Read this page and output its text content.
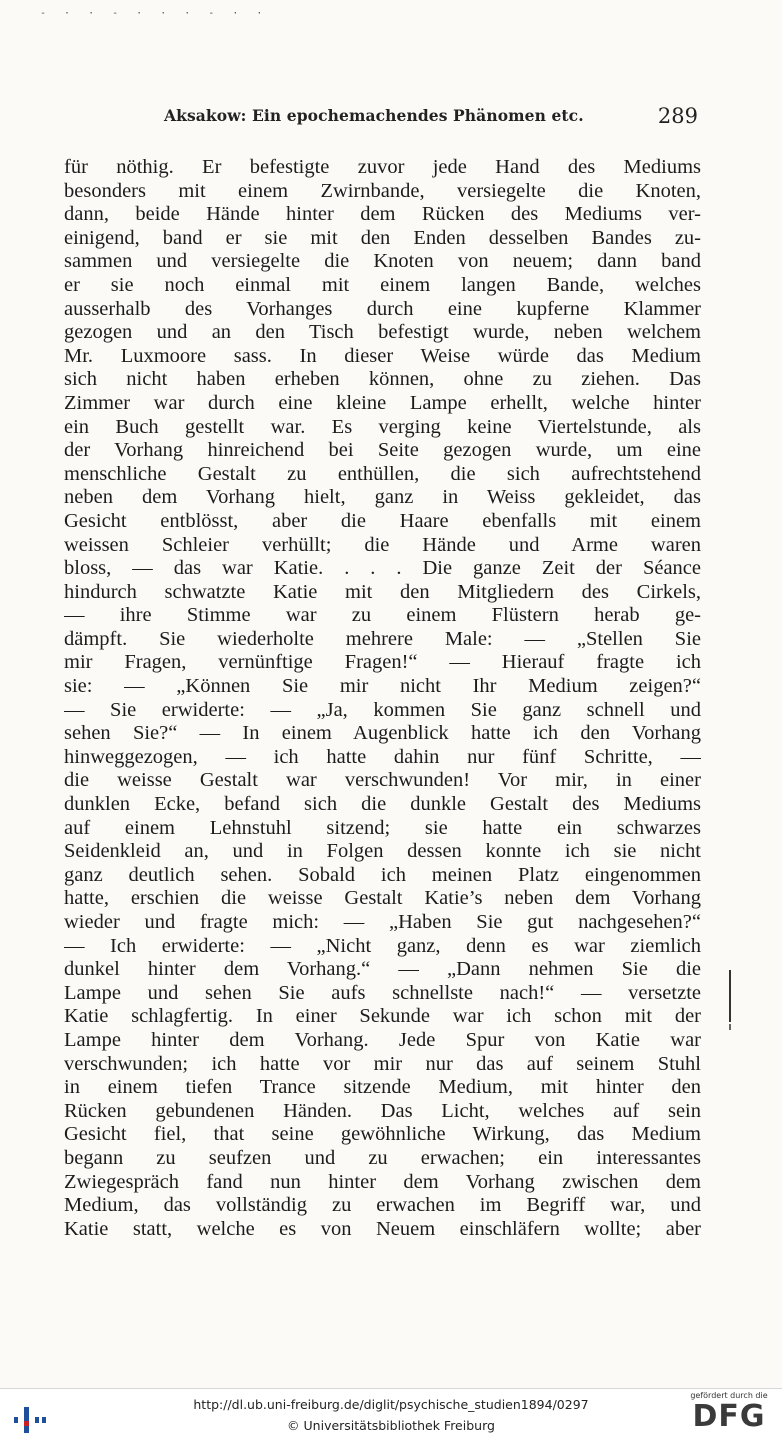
- · · - · · · - · ·
Aksakow: Ein epochemachendes Phänomen etc.	289
für nöthig. Er befestigte zuvor jede Hand des Mediums
besonders mit einem Zwirnbande, versiegelte die Knoten,
dann, beide Hände hinter dem Rücken des Mediums ver-
einigend, band er sie mit den Enden desselben Bandes zu-
sammen und versiegelte die Knoten von neuem; dann band
er sie noch einmal mit einem langen Bande, welches
ausserhalb des Vorhanges durch eine kupferne Klammer
gezogen und an den Tisch befestigt wurde, neben welchem
Mr. Luxmoore sass. In dieser Weise würde das Medium
sich nicht haben erheben können, ohne zu ziehen. Das
Zimmer war durch eine kleine Lampe erhellt, welche hinter
ein Buch gestellt war. Es verging keine Viertelstunde, als
der Vorhang hinreichend bei Seite gezogen wurde, um eine
menschliche Gestalt zu enthüllen, die sich aufrechtstehend
neben dem Vorhang hielt, ganz in Weiss gekleidet, das
Gesicht entblösst, aber die Haare ebenfalls mit einem
weissen Schleier verhüllt; die Hände und Arme waren
bloss, — das war Katie. . . . Die ganze Zeit der Séance
hindurch schwatzte Katie mit den Mitgliedern des Cirkels,
— ihre Stimme war zu einem Flüstern herab ge-
dämpft. Sie wiederholte mehrere Male: — „Stellen Sie
mir Fragen, vernünftige Fragen!“ — Hierauf fragte ich
sie: — „Können Sie mir nicht Ihr Medium zeigen?“
— Sie erwiderte: — „Ja, kommen Sie ganz schnell und
sehen Sie?“ — In einem Augenblick hatte ich den Vorhang
hinweggezogen, — ich hatte dahin nur fünf Schritte, —
die weisse Gestalt war verschwunden! Vor mir, in einer
dunklen Ecke, befand sich die dunkle Gestalt des Mediums
auf einem Lehnstuhl sitzend; sie hatte ein schwarzes
Seidenkleid an, und in Folgen dessen konnte ich sie nicht
ganz deutlich sehen. Sobald ich meinen Platz eingenommen
hatte, erschien die weisse Gestalt Katie’s neben dem Vorhang
wieder und fragte mich: — „Haben Sie gut nachgesehen?“
— Ich erwiderte: — „Nicht ganz, denn es war ziemlich
dunkel hinter dem Vorhang.“ — „Dann nehmen Sie die
Lampe und sehen Sie aufs schnellste nach!“ — versetzte
Katie schlagfertig. In einer Sekunde war ich schon mit der
Lampe hinter dem Vorhang. Jede Spur von Katie war
verschwunden; ich hatte vor mir nur das auf seinem Stuhl
in einem tiefen Trance sitzende Medium, mit hinter den
Rücken gebundenen Händen. Das Licht, welches auf sein
Gesicht fiel, that seine gewöhnliche Wirkung, das Medium
begann zu seufzen und zu erwachen; ein interessantes
Zwiegespräch fand nun hinter dem Vorhang zwischen dem
Medium, das vollständig zu erwachen im Begriff war, und
Katie statt, welche es von Neuem einschläfern wollte; aber
http://dl.ub.uni-freiburg.de/diglit/psychische_studien1894/0297
© Universitätsbibliothek Freiburg
gefördert durch die
DFG
